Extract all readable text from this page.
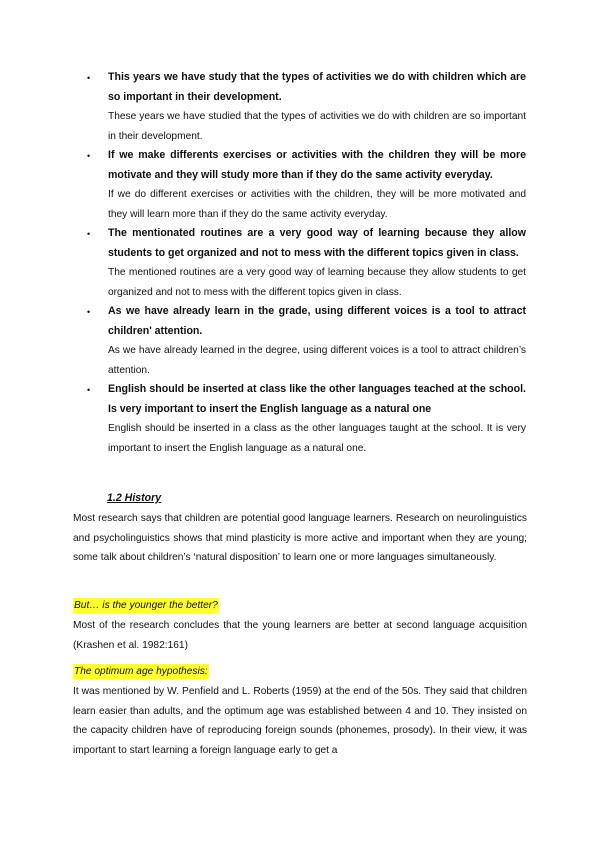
• This years we have study that the types of activities we do with children which are so important in their development.
These years we have studied that the types of activities we do with children are so important in their development.
• If we make differents exercises or activities with the children they will be more motivate and they will study more than if they do the same activity everyday.
If we do different exercises or activities with the children, they will be more motivated and they will learn more than if they do the same activity everyday.
• The mentionated routines are a very good way of learning because they allow students to get organized and not to mess with the different topics given in class.
The mentioned routines are a very good way of learning because they allow students to get organized and not to mess with the different topics given in class.
• As we have already learn in the grade, using different voices is a tool to attract children' attention.
As we have already learned in the degree, using different voices is a tool to attract children’s attention.
• English should be inserted at class like the other languages teached at the school. Is very important to insert the English language as a natural one
English should be inserted in a class as the other languages taught at the school. It is very important to insert the English language as a natural one.
1.2 History

Most research says that children are potential good language learners. Research on neurolinguistics and psycholinguistics shows that mind plasticity is more active and important when they are young; some talk about children’s ‘natural disposition’ to learn one or more languages simultaneously.

But… is the younger the better?

Most of the research concludes that the young learners are better at second language acquisition (Krashen et al. 1982:161)

The optimum age hypothesis:

It was mentioned by W. Penfield and L. Roberts (1959) at the end of the 50s. They said that children learn easier than adults, and the optimum age was established between 4 and 10. They insisted on the capacity children have of reproducing foreign sounds (phonemes, prosody). In their view, it was important to start learning a foreign language early to get a
